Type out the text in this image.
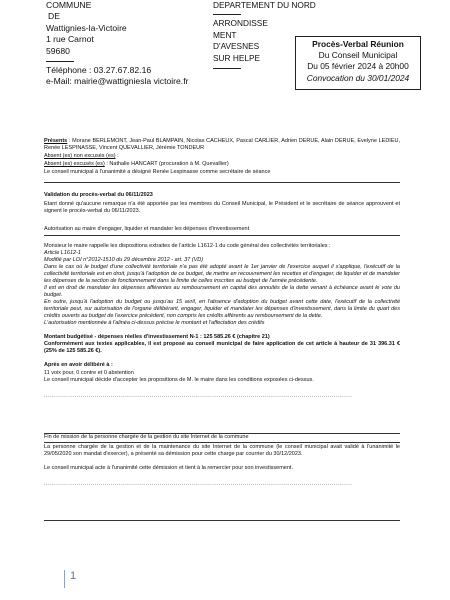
COMMUNE
DE
Wattignies-la-Victoire
1 rue Carnot
59680
Téléphone : 03.27.67.82.16
e-Mail: mairie@wattigniesla victoire.fr
DEPARTEMENT DU NORD
ARRONDISSE
MENT
D'AVESNES
SUR HELPE
Procès-Verbal Réunion
Du Conseil Municipal
Du 05 février 2024 à 20h00
Convocation du 30/01/2024
Présents : Morane BERLEMONT, Jean-Paul BLAMPAIN, Nicolas CACHEUX, Pascal CARLIER, Adrien DERUE, Alain DERUE, Evelyne LEDIEU, Renée LESPINASSE, Vincent QUEVALLIER, Jérémie TONDEUR
Absent (es) non excusés (es) :
Absent (es) excusés (es) : Nathalie HANCART (procuration à M. Quevallier)
Le conseil municipal à l'unanimité a désigné Renée Lespinasse comme secrétaire de séance
Validation du procès-verbal du 06/11/2023
Etant donné qu'aucune remarque n'a été apportée par les membres du Conseil Municipal, le Président et le secrétaire de séance approuvent et signent le procès-verbal du 06/11/2023.
Autorisation au maire d'engager, liquider et mandater les dépenses d'investissement
Monsieur le maire rappelle les dispositions extraites de l'article L1612-1 du code général des collectivités territoriales :
Article L1612-1
Modifié par LOI n°2012-1510 du 29 décembre 2012 - art. 37 (VD)
Dans le cas où le budget d'une collectivité territoriale n'a pas été adopté avant le 1er janvier de l'exercice auquel il s'applique, l'exécutif de la collectivité territoriale est en droit, jusqu'à l'adoption de ce budget, de mettre en recouvrement les recettes et d'engager, de liquider et de mandater les dépenses de la section de fonctionnement dans la limite de celles inscrites au budget de l'année précédente.
Il est en droit de mandater les dépenses afférentes au remboursement en capital des annuités de la dette venant à échéance avant le vote du budget.
En outre, jusqu'à l'adoption du budget ou jusqu'au 15 avril, en l'absence d'adoption du budget avant cette date, l'exécutif de la collectivité territoriale peut, sur autorisation de l'organe délibérant, engager, liquider et mandater les dépenses d'investissement, dans la limite du quart des crédits ouverts au budget de l'exercice précédent, non compris les crédits afférents au remboursement de la dette.
L'autorisation mentionnée à l'alinéa ci-dessus précise le montant et l'affectation des crédits
Montant budgétisé - dépenses réelles d'investissement N-1 : 125 585.26 € (chapitre 21)
Conformément aux textes applicables, il est proposé au conseil municipal de faire application de cet article à hauteur de 31 396.31 € (25% de 125 585.26 €).
Après en avoir délibéré à :
11 voix pour, 0 contre et 0 abstention
Le conseil municipal décide d'accepter les propositions de M. le maire dans les conditions exposées ci-dessus.
........................................................................................................................................................
Fin de mission de la personne chargée de la gestion du site Internet de la commune
La personne chargée de la gestion et de la maintenance du site Internet de la commune (le conseil municipal avait validé à l'unanimité le 29/05/2020 son mandat d'exercer), a présenté sa démission pour cette charge par courrier du 30/12/2023.
Le conseil municipal acte à l'unanimité cette démission et tient à la remercier pour son investissement.
........................................................................................................................................................
1
